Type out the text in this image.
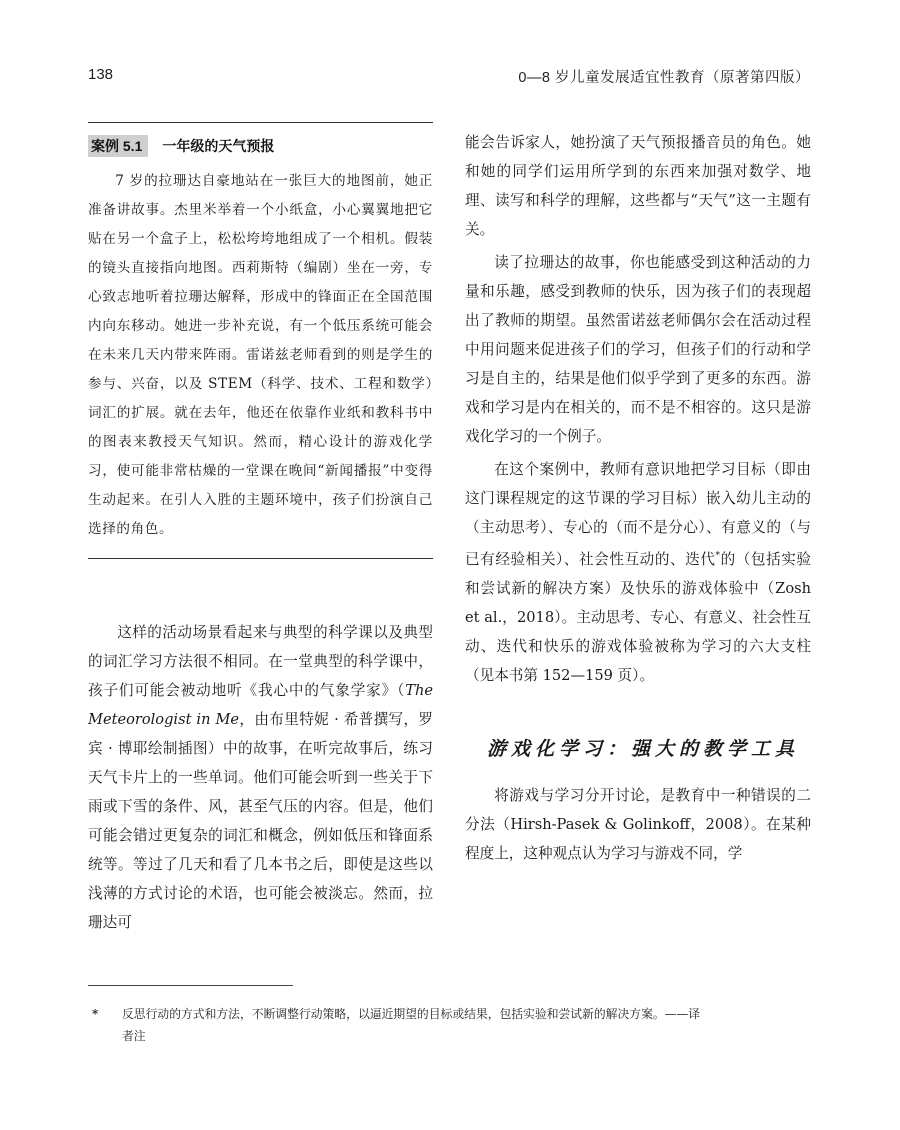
138	0—8 岁儿童发展适宜性教育（原著第四版）
案例 5.1	一年级的天气预报

7 岁的拉珊达自豪地站在一张巨大的地图前，她正准备讲故事。杰里米举着一个小纸盒，小心翼翼地把它贴在另一个盒子上，松松垮垮地组成了一个相机。假装的镜头直接指向地图。西莉斯特（编剧）坐在一旁，专心致志地听着拉珊达解释，形成中的锋面正在全国范围内向东移动。她进一步补充说，有一个低压系统可能会在未来几天内带来阵雨。雷诺兹老师看到的则是学生的参与、兴奋，以及 STEM（科学、技术、工程和数学）词汇的扩展。就在去年，他还在依靠作业纸和教科书中的图表来教授天气知识。然而，精心设计的游戏化学习，使可能非常枯燥的一堂课在晚间“新闻播报”中变得生动起来。在引人入胜的主题环境中，孩子们扮演自己选择的角色。

这样的活动场景看起来与典型的科学课以及典型的词汇学习方法很不相同。在一堂典型的科学课中，孩子们可能会被动地听《我心中的气象学家》（The Meteorologist in Me，由布里特妮 · 希普撰写，罗宾 · 博耶绘制插图）中的故事，在听完故事后，练习天气卡片上的一些单词。他们可能会听到一些关于下雨或下雪的条件、风，甚至气压的内容。但是，他们可能会错过更复杂的词汇和概念，例如低压和锋面系统等。等过了几天和看了几本书之后，即使是这些以浅薄的方式讨论的术语，也可能会被淡忘。然而，拉珊达可

能会告诉家人，她扮演了天气预报播音员的角色。她和她的同学们运用所学到的东西来加强对数学、地理、读写和科学的理解，这些都与“天气”这一主题有关。

读了拉珊达的故事，你也能感受到这种活动的力量和乐趣，感受到教师的快乐，因为孩子们的表现超出了教师的期望。虽然雷诺兹老师偶尔会在活动过程中用问题来促进孩子们的学习，但孩子们的行动和学习是自主的，结果是他们似乎学到了更多的东西。游戏和学习是内在相关的，而不是不相容的。这只是游戏化学习的一个例子。

在这个案例中，教师有意识地把学习目标（即由这门课程规定的这节课的学习目标）嵌入幼儿主动的（主动思考）、专心的（而不是分心）、有意义的（与已有经验相关）、社会性互动的、迭代*的（包括实验和尝试新的解决方案）及快乐的游戏体验中（Zosh et al.，2018）。主动思考、专心、有意义、社会性互动、迭代和快乐的游戏体验被称为学习的六大支柱（见本书第 152—159 页）。

游戏化学习：强大的教学工具

将游戏与学习分开讨论，是教育中一种错误的二分法（Hirsh-Pasek & Golinkoff，2008）。在某种程度上，这种观点认为学习与游戏不同，学

* 反思行动的方式和方法，不断调整行动策略，以逼近期望的目标或结果，包括实验和尝试新的解决方案。——译
者注
